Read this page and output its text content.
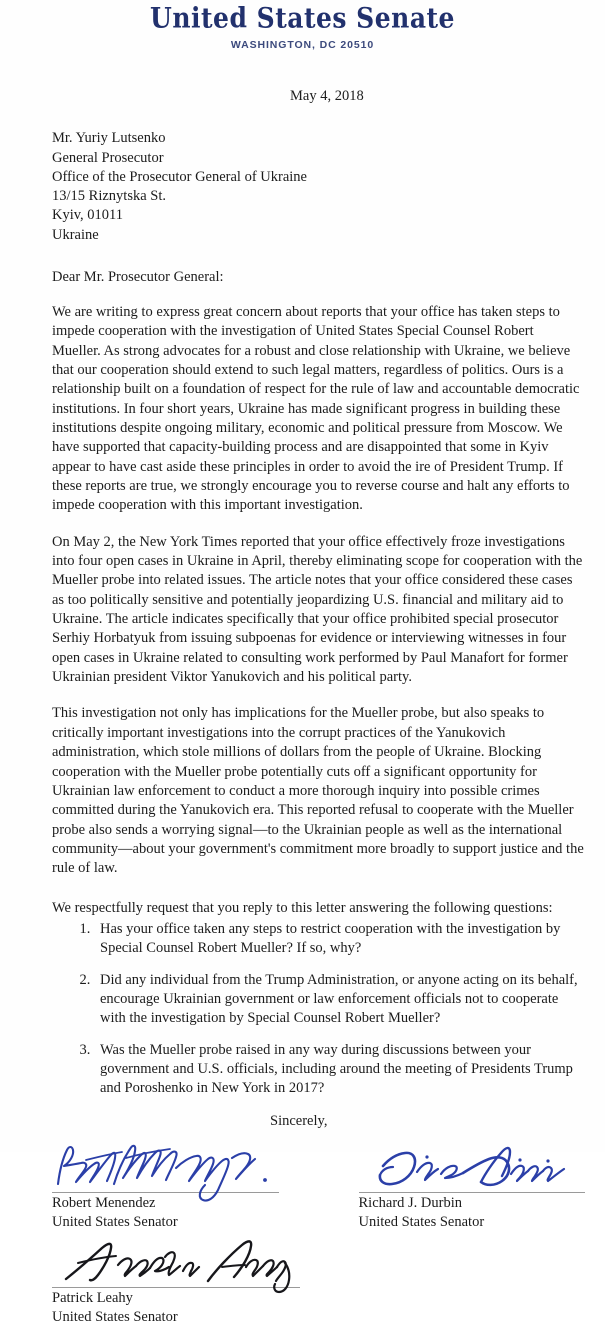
United States Senate
WASHINGTON, DC 20510
May 4, 2018
Mr. Yuriy Lutsenko
General Prosecutor
Office of the Prosecutor General of Ukraine
13/15 Riznytska St.
Kyiv, 01011
Ukraine
Dear Mr. Prosecutor General:
We are writing to express great concern about reports that your office has taken steps to impede cooperation with the investigation of United States Special Counsel Robert Mueller. As strong advocates for a robust and close relationship with Ukraine, we believe that our cooperation should extend to such legal matters, regardless of politics. Ours is a relationship built on a foundation of respect for the rule of law and accountable democratic institutions. In four short years, Ukraine has made significant progress in building these institutions despite ongoing military, economic and political pressure from Moscow. We have supported that capacity-building process and are disappointed that some in Kyiv appear to have cast aside these principles in order to avoid the ire of President Trump. If these reports are true, we strongly encourage you to reverse course and halt any efforts to impede cooperation with this important investigation.
On May 2, the New York Times reported that your office effectively froze investigations into four open cases in Ukraine in April, thereby eliminating scope for cooperation with the Mueller probe into related issues. The article notes that your office considered these cases as too politically sensitive and potentially jeopardizing U.S. financial and military aid to Ukraine. The article indicates specifically that your office prohibited special prosecutor Serhiy Horbatyuk from issuing subpoenas for evidence or interviewing witnesses in four open cases in Ukraine related to consulting work performed by Paul Manafort for former Ukrainian president Viktor Yanukovich and his political party.
This investigation not only has implications for the Mueller probe, but also speaks to critically important investigations into the corrupt practices of the Yanukovich administration, which stole millions of dollars from the people of Ukraine. Blocking cooperation with the Mueller probe potentially cuts off a significant opportunity for Ukrainian law enforcement to conduct a more thorough inquiry into possible crimes committed during the Yanukovich era. This reported refusal to cooperate with the Mueller probe also sends a worrying signal—to the Ukrainian people as well as the international community—about your government's commitment more broadly to support justice and the rule of law.
We respectfully request that you reply to this letter answering the following questions:
1. Has your office taken any steps to restrict cooperation with the investigation by Special Counsel Robert Mueller? If so, why?
2. Did any individual from the Trump Administration, or anyone acting on its behalf, encourage Ukrainian government or law enforcement officials not to cooperate with the investigation by Special Counsel Robert Mueller?
3. Was the Mueller probe raised in any way during discussions between your government and U.S. officials, including around the meeting of Presidents Trump and Poroshenko in New York in 2017?
Sincerely,
Robert Menendez
United States Senator
Richard J. Durbin
United States Senator
Patrick Leahy
United States Senator
